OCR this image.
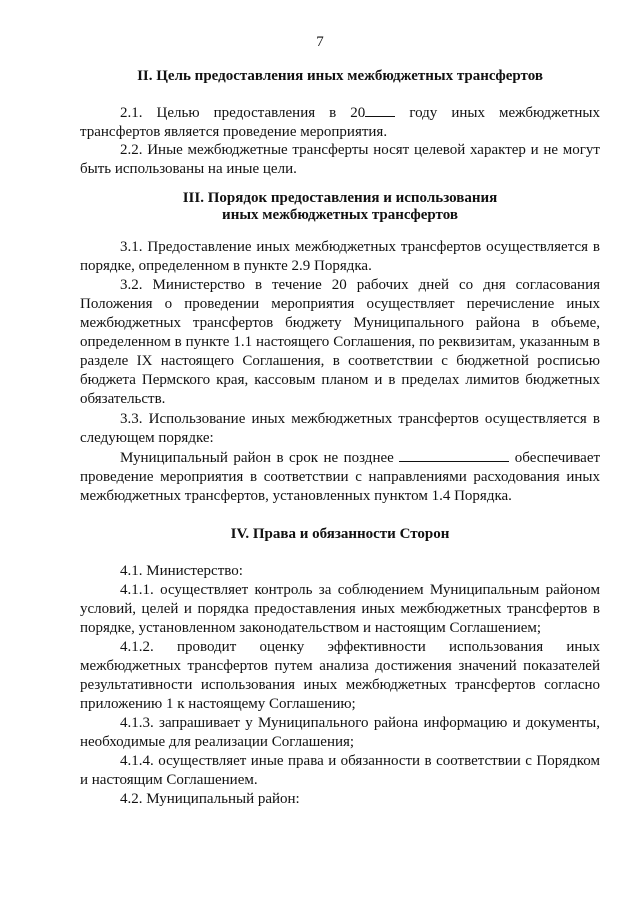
7
II. Цель предоставления иных межбюджетных трансфертов
2.1. Целью предоставления в 20	году иных межбюджетных трансфертов является проведение мероприятия.
2.2. Иные межбюджетные трансферты носят целевой характер и не могут быть использованы на иные цели.
III. Порядок предоставления и использования
иных межбюджетных трансфертов
3.1. Предоставление иных межбюджетных трансфертов осуществляется в порядке, определенном в пункте 2.9 Порядка.
3.2. Министерство в течение 20 рабочих дней со дня согласования Положения о проведении мероприятия осуществляет перечисление иных межбюджетных трансфертов бюджету Муниципального района в объеме, определенном в пункте 1.1 настоящего Соглашения, по реквизитам, указанным в разделе IX настоящего Соглашения, в соответствии с бюджетной росписью бюджета Пермского края, кассовым планом и в пределах лимитов бюджетных обязательств.
3.3. Использование иных межбюджетных трансфертов осуществляется в следующем порядке:
Муниципальный район в срок не позднее	обеспечивает проведение мероприятия в соответствии с направлениями расходования иных межбюджетных трансфертов, установленных пунктом 1.4 Порядка.
IV. Права и обязанности Сторон
4.1. Министерство:
4.1.1. осуществляет контроль за соблюдением Муниципальным районом условий, целей и порядка предоставления иных межбюджетных трансфертов в порядке, установленном законодательством и настоящим Соглашением;
4.1.2. проводит оценку эффективности использования иных межбюджетных трансфертов путем анализа достижения значений показателей результативности использования иных межбюджетных трансфертов согласно приложению 1 к настоящему Соглашению;
4.1.3. запрашивает у Муниципального района информацию и документы, необходимые для реализации Соглашения;
4.1.4. осуществляет иные права и обязанности в соответствии с Порядком и настоящим Соглашением.
4.2. Муниципальный район:
